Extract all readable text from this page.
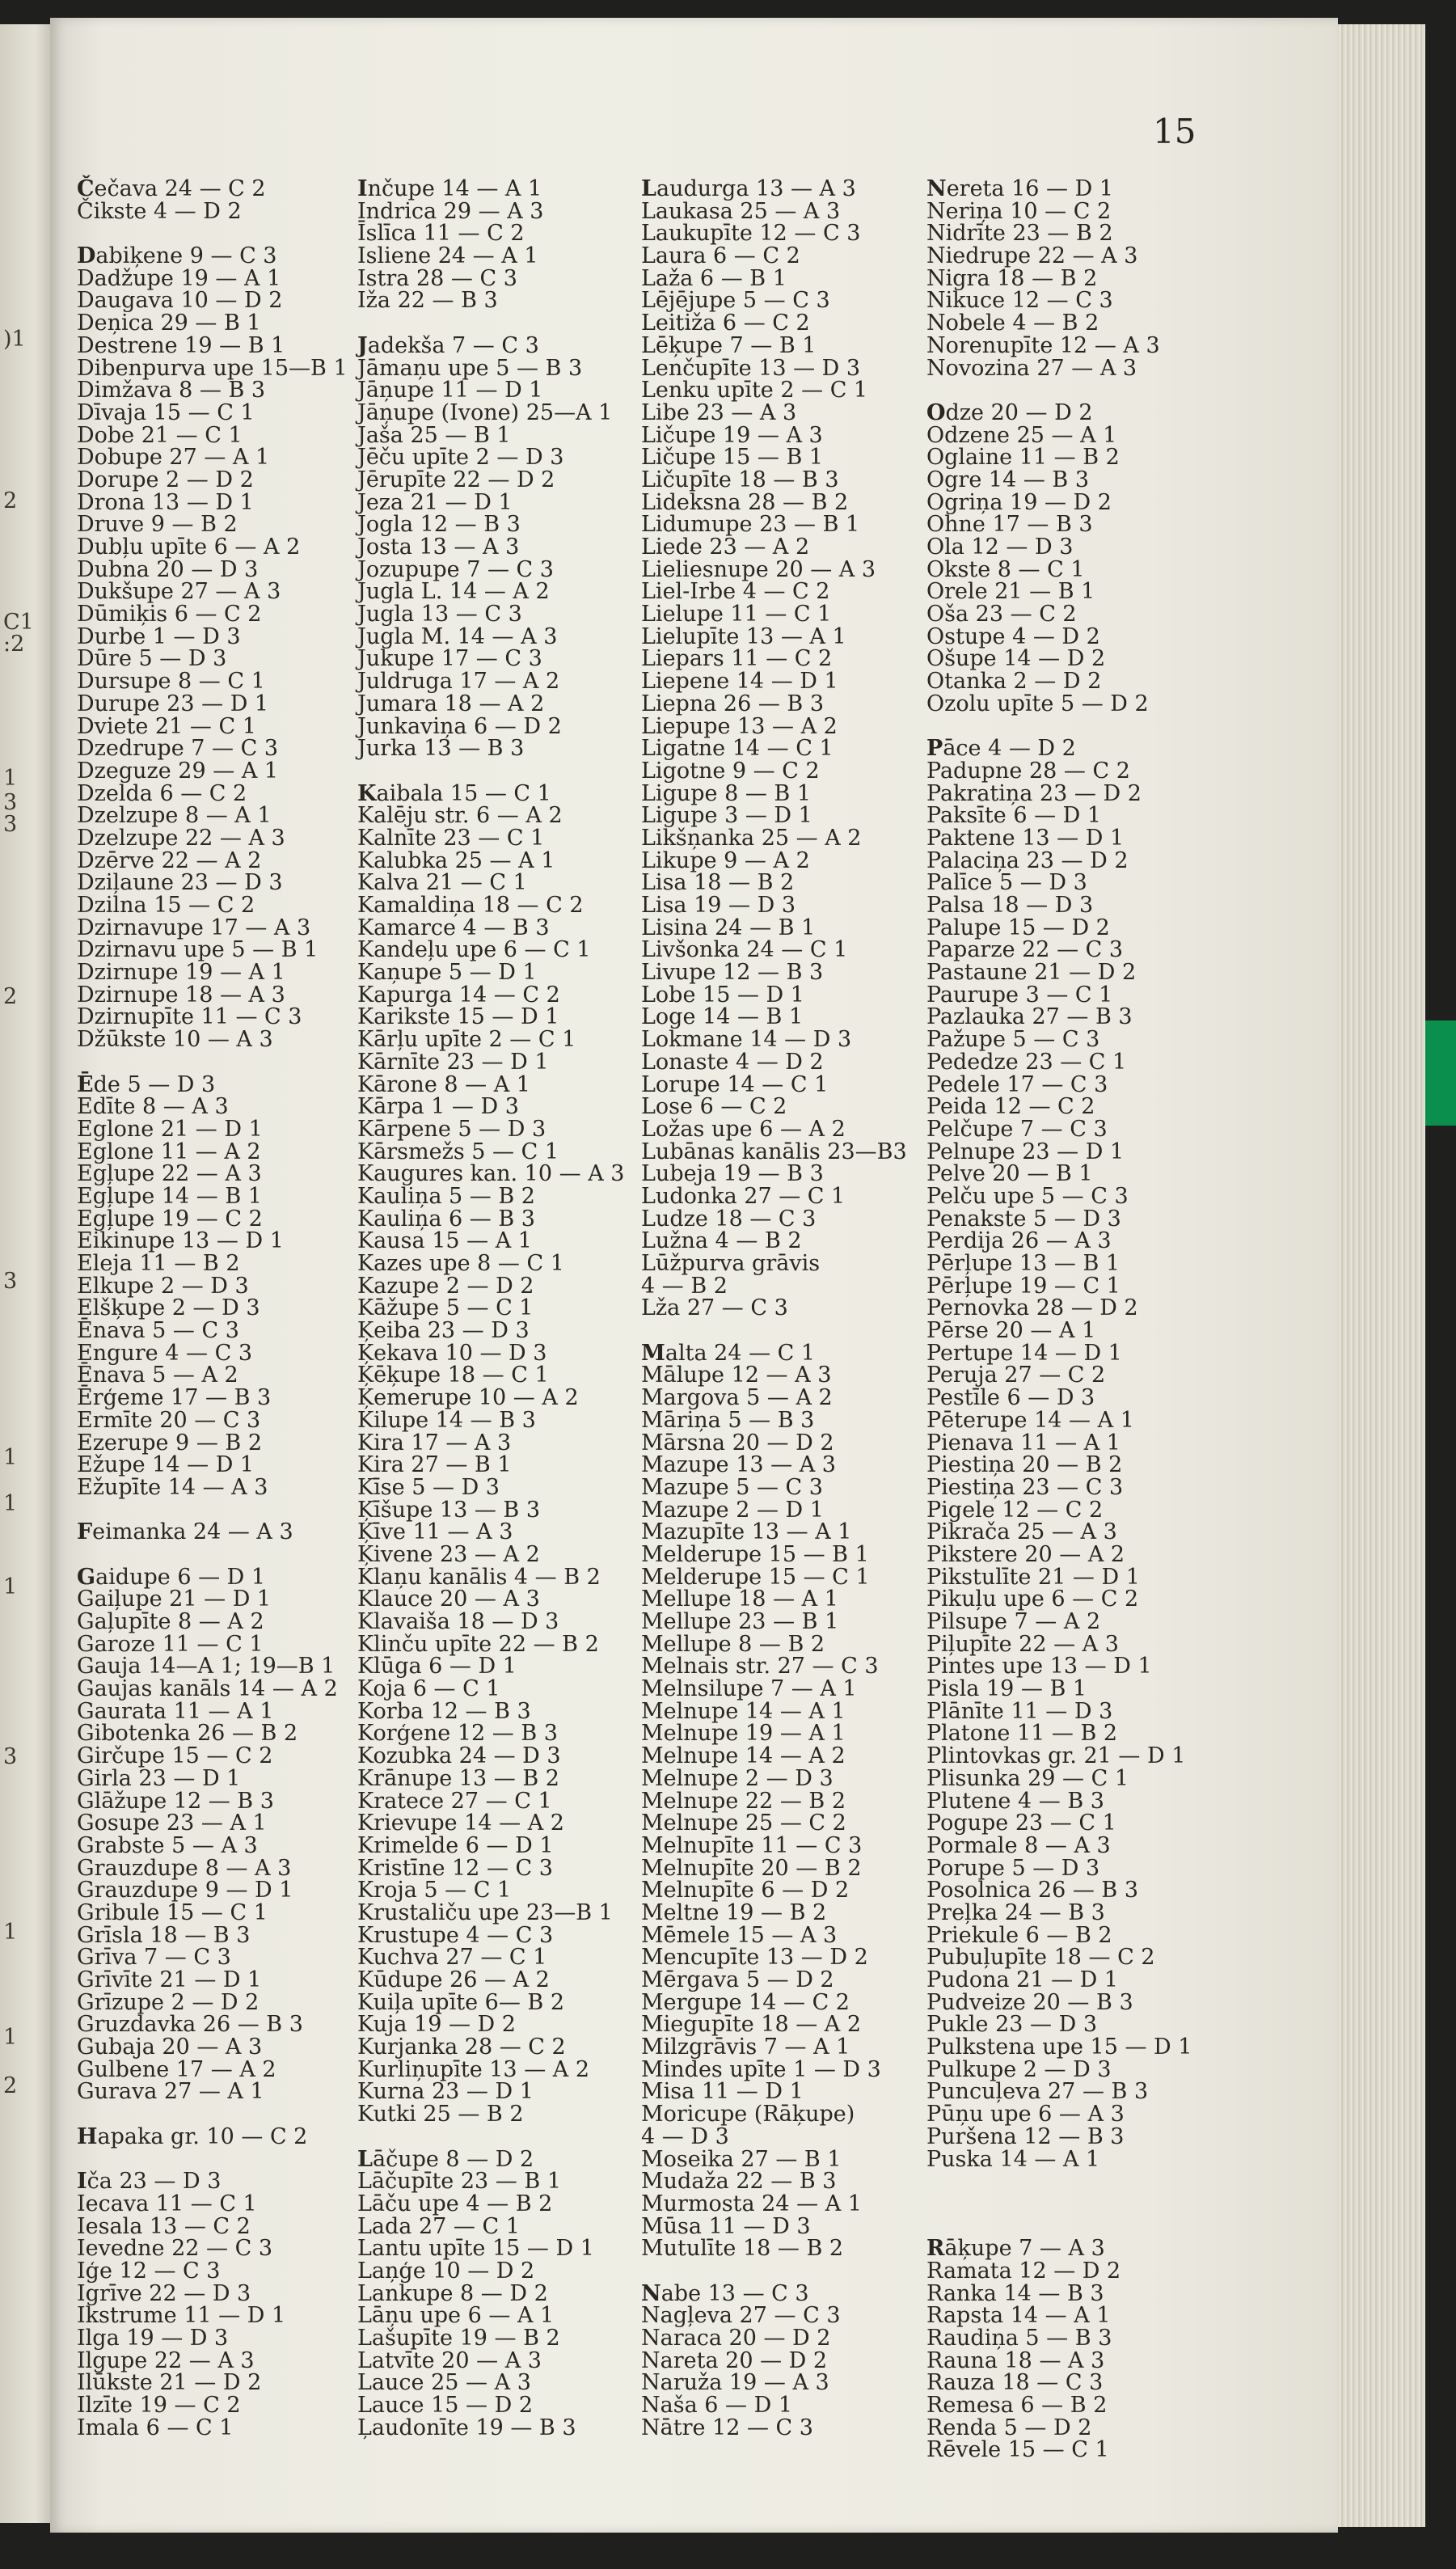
)1
2
C1
:2
1
3
3
2
3
1
1
1
3
1
1
2
15
Čečava 24 — C 2
Čikste 4 — D 2
Dabiķene 9 — C 3
Dadžupe 19 — A 1
Daugava 10 — D 2
Deņica 29 — B 1
Destrene 19 — B 1
Dibenpurva upe 15—B 1
Dimžava 8 — B 3
Dīvaja 15 — C 1
Dobe 21 — C 1
Dobupe 27 — A 1
Dorupe 2 — D 2
Drona 13 — D 1
Druve 9 — B 2
Dubļu upīte 6 — A 2
Dubna 20 — D 3
Dukšupe 27 — A 3
Dūmiķis 6 — C 2
Durbe 1 — D 3
Dūre 5 — D 3
Dursupe 8 — C 1
Durupe 23 — D 1
Dviete 21 — C 1
Dzedrupe 7 — C 3
Dzeguze 29 — A 1
Dzelda 6 — C 2
Dzelzupe 8 — A 1
Dzelzupe 22 — A 3
Dzērve 22 — A 2
Dziļaune 23 — D 3
Dzilna 15 — C 2
Dzirnavupe 17 — A 3
Dzirnavu upe 5 — B 1
Dzirnupe 19 — A 1
Dzirnupe 18 — A 3
Dzirnupīte 11 — C 3
Džūkste 10 — A 3
Ēde 5 — D 3
Edīte 8 — A 3
Eglone 21 — D 1
Eglone 11 — A 2
Egļupe 22 — A 3
Egļupe 14 — B 1
Egļupe 19 — C 2
Eikinupe 13 — D 1
Eleja 11 — B 2
Elkupe 2 — D 3
Elšķupe 2 — D 3
Ēnava 5 — C 3
Engure 4 — C 3
Ēnava 5 — A 2
Ērģeme 17 — B 3
Ermīte 20 — C 3
Ezerupe 9 — B 2
Ežupe 14 — D 1
Ežupīte 14 — A 3
Feimanka 24 — A 3
Gaidupe 6 — D 1
Gaiļupe 21 — D 1
Gaļupīte 8 — A 2
Garoze 11 — C 1
Gauja 14—A 1; 19—B 1
Gaujas kanāls 14 — A 2
Gaurata 11 — A 1
Gibotenka 26 — B 2
Girčupe 15 — C 2
Girla 23 — D 1
Glāžupe 12 — B 3
Gosupe 23 — A 1
Grabste 5 — A 3
Grauzdupe 8 — A 3
Grauzdupe 9 — D 1
Gribule 15 — C 1
Grīsla 18 — B 3
Grīva 7 — C 3
Grīvīte 21 — D 1
Grīzupe 2 — D 2
Gruzdavka 26 — B 3
Gubaja 20 — A 3
Gulbene 17 — A 2
Gurava 27 — A 1
Hapaka gr. 10 — C 2
Iča 23 — D 3
Iecava 11 — C 1
Iesala 13 — C 2
Ievedne 22 — C 3
Iģe 12 — C 3
Igrīve 22 — D 3
Ikstrume 11 — D 1
Ilga 19 — D 3
Ilgupe 22 — A 3
Ilūkste 21 — D 2
Ilzīte 19 — C 2
Imala 6 — C 1
Inčupe 14 — A 1
Indrica 29 — A 3
Īslīca 11 — C 2
Isliene 24 — A 1
Istra 28 — C 3
Iža 22 — B 3
Jadekša 7 — C 3
Jāmaņu upe 5 — B 3
Jāņupe 11 — D 1
Jāņupe (Ivone) 25—A 1
Jaša 25 — B 1
Jēču upīte 2 — D 3
Jērupīte 22 — D 2
Jeza 21 — D 1
Jogla 12 — B 3
Josta 13 — A 3
Jozupupe 7 — C 3
Jugla L. 14 — A 2
Jugla 13 — C 3
Jugla M. 14 — A 3
Jukupe 17 — C 3
Juldruga 17 — A 2
Jumara 18 — A 2
Junkaviņa 6 — D 2
Jurka 13 — B 3
Kaibala 15 — C 1
Kalēju str. 6 — A 2
Kalnīte 23 — C 1
Kalubka 25 — A 1
Kalva 21 — C 1
Kamaldiņa 18 — C 2
Kamarce 4 — B 3
Kandeļu upe 6 — C 1
Kaņupe 5 — D 1
Kapurga 14 — C 2
Karikste 15 — D 1
Kārļu upīte 2 — C 1
Kārnīte 23 — D 1
Kārone 8 — A 1
Kārpa 1 — D 3
Kārpene 5 — D 3
Kārsmežs 5 — C 1
Kaugures kan. 10 — A 3
Kauliņa 5 — B 2
Kauliņa 6 — B 3
Kausa 15 — A 1
Kazes upe 8 — C 1
Kazupe 2 — D 2
Kāžupe 5 — C 1
Ķeiba 23 — D 3
Ķekava 10 — D 3
Ķēķupe 18 — C 1
Ķemerupe 10 — A 2
Kilupe 14 — B 3
Kira 17 — A 3
Kira 27 — B 1
Kīse 5 — D 3
Ķīšupe 13 — B 3
Ķīve 11 — A 3
Ķivene 23 — A 2
Klaņu kanālis 4 — B 2
Klauce 20 — A 3
Klavaiša 18 — D 3
Klinču upīte 22 — B 2
Klūga 6 — D 1
Koja 6 — C 1
Korba 12 — B 3
Korģene 12 — B 3
Kozubka 24 — D 3
Krānupe 13 — B 2
Kratece 27 — C 1
Krievupe 14 — A 2
Krimelde 6 — D 1
Kristīne 12 — C 3
Kroja 5 — C 1
Krustaliču upe 23—B 1
Krustupe 4 — C 3
Kuchva 27 — C 1
Kūdupe 26 — A 2
Kuiļa upīte 6— B 2
Kuja 19 — D 2
Kurjanka 28 — C 2
Kurliņupīte 13 — A 2
Kurna 23 — D 1
Kutki 25 — B 2
Lāčupe 8 — D 2
Lāčupīte 23 — B 1
Lāču upe 4 — B 2
Lada 27 — C 1
Lantu upīte 15 — D 1
Laņģe 10 — D 2
Lankupe 8 — D 2
Lāņu upe 6 — A 1
Lašupīte 19 — B 2
Latvīte 20 — A 3
Lauce 25 — A 3
Lauce 15 — D 2
Ļaudonīte 19 — B 3
Laudurga 13 — A 3
Laukasa 25 — A 3
Laukupīte 12 — C 3
Laura 6 — C 2
Laža 6 — B 1
Lējējupe 5 — C 3
Leitiža 6 — C 2
Lēķupe 7 — B 1
Lenčupīte 13 — D 3
Lenku upīte 2 — C 1
Libe 23 — A 3
Ličupe 19 — A 3
Ličupe 15 — B 1
Ličupīte 18 — B 3
Lideksna 28 — B 2
Lidumupe 23 — B 1
Liede 23 — A 2
Lieliesnupe 20 — A 3
Liel-Irbe 4 — C 2
Lielupe 11 — C 1
Lielupīte 13 — A 1
Liepars 11 — C 2
Liepene 14 — D 1
Liepna 26 — B 3
Liepupe 13 — A 2
Ligatne 14 — C 1
Ligotne 9 — C 2
Ligupe 8 — B 1
Ligupe 3 — D 1
Likšņanka 25 — A 2
Likupe 9 — A 2
Lisa 18 — B 2
Lisa 19 — D 3
Lisina 24 — B 1
Livšonka 24 — C 1
Livupe 12 — B 3
Lobe 15 — D 1
Loge 14 — B 1
Lokmane 14 — D 3
Lonaste 4 — D 2
Lorupe 14 — C 1
Lose 6 — C 2
Ložas upe 6 — A 2
Lubānas kanālis 23—B3
Lubeja 19 — B 3
Ludonka 27 — C 1
Ludze 18 — C 3
Lužna 4 — B 2
Lūžpurva grāvis
4 — B 2
Lža 27 — C 3
Malta 24 — C 1
Mālupe 12 — A 3
Margova 5 — A 2
Māriņa 5 — B 3
Mārsna 20 — D 2
Mazupe 13 — A 3
Mazupe 5 — C 3
Mazupe 2 — D 1
Mazupīte 13 — A 1
Melderupe 15 — B 1
Melderupe 15 — C 1
Mellupe 18 — A 1
Mellupe 23 — B 1
Mellupe 8 — B 2
Melnais str. 27 — C 3
Melnsilupe 7 — A 1
Melnupe 14 — A 1
Melnupe 19 — A 1
Melnupe 14 — A 2
Melnupe 2 — D 3
Melnupe 22 — B 2
Melnupe 25 — C 2
Melnupīte 11 — C 3
Melnupīte 20 — B 2
Melnupīte 6 — D 2
Meltne 19 — B 2
Mēmele 15 — A 3
Mencupīte 13 — D 2
Mērgava 5 — D 2
Mergupe 14 — C 2
Miegupīte 18 — A 2
Milzgrāvis 7 — A 1
Mindes upīte 1 — D 3
Misa 11 — D 1
Moricupe (Rāķupe)
4 — D 3
Moseika 27 — B 1
Mudaža 22 — B 3
Murmosta 24 — A 1
Mūsa 11 — D 3
Mutulīte 18 — B 2
Nabe 13 — C 3
Nagļeva 27 — C 3
Naraca 20 — D 2
Nareta 20 — D 2
Naruža 19 — A 3
Naša 6 — D 1
Nātre 12 — C 3
Nereta 16 — D 1
Neriņa 10 — C 2
Nidrīte 23 — B 2
Niedrupe 22 — A 3
Nigra 18 — B 2
Nikuce 12 — C 3
Nobele 4 — B 2
Norenupīte 12 — A 3
Novozina 27 — A 3
Odze 20 — D 2
Odzene 25 — A 1
Oglaine 11 — B 2
Ogre 14 — B 3
Ogriņa 19 — D 2
Ohne 17 — B 3
Ola 12 — D 3
Okste 8 — C 1
Orele 21 — B 1
Oša 23 — C 2
Ostupe 4 — D 2
Ošupe 14 — D 2
Otanka 2 — D 2
Ozolu upīte 5 — D 2
Pāce 4 — D 2
Padupne 28 — C 2
Pakratiņa 23 — D 2
Paksīte 6 — D 1
Paktene 13 — D 1
Palaciņa 23 — D 2
Palīce 5 — D 3
Palsa 18 — D 3
Palupe 15 — D 2
Paparze 22 — C 3
Pastaune 21 — D 2
Paurupe 3 — C 1
Pazlauka 27 — B 3
Pažupe 5 — C 3
Pededze 23 — C 1
Pedele 17 — C 3
Peida 12 — C 2
Pelčupe 7 — C 3
Pelnupe 23 — D 1
Pelve 20 — B 1
Pelču upe 5 — C 3
Penakste 5 — D 3
Perdija 26 — A 3
Pērļupe 13 — B 1
Pērļupe 19 — C 1
Pernovka 28 — D 2
Pērse 20 — A 1
Pertupe 14 — D 1
Peruja 27 — C 2
Pestīle 6 — D 3
Pēterupe 14 — A 1
Pienava 11 — A 1
Piestiņa 20 — B 2
Piestiņa 23 — C 3
Pigele 12 — C 2
Pikrača 25 — A 3
Pikstere 20 — A 2
Pikstulīte 21 — D 1
Pikuļu upe 6 — C 2
Pilsupe 7 — A 2
Piļupīte 22 — A 3
Pintes upe 13 — D 1
Pisla 19 — B 1
Plānīte 11 — D 3
Platone 11 — B 2
Plintovkas gr. 21 — D 1
Plisunka 29 — C 1
Plutene 4 — B 3
Pogupe 23 — C 1
Pormale 8 — A 3
Porupe 5 — D 3
Posolnica 26 — B 3
Preļka 24 — B 3
Priekule 6 — B 2
Pubuļupīte 18 — C 2
Pudona 21 — D 1
Pudveize 20 — B 3
Pukle 23 — D 3
Pulkstenа upe 15 — D 1
Pulkupe 2 — D 3
Puncuļeva 27 — B 3
Pūņu upe 6 — A 3
Puršena 12 — B 3
Puska 14 — A 1
Rāķupe 7 — A 3
Ramata 12 — D 2
Ranka 14 — B 3
Rapsta 14 — A 1
Raudiņa 5 — B 3
Rauna 18 — A 3
Rauza 18 — C 3
Remesa 6 — B 2
Renda 5 — D 2
Rēvele 15 — C 1
